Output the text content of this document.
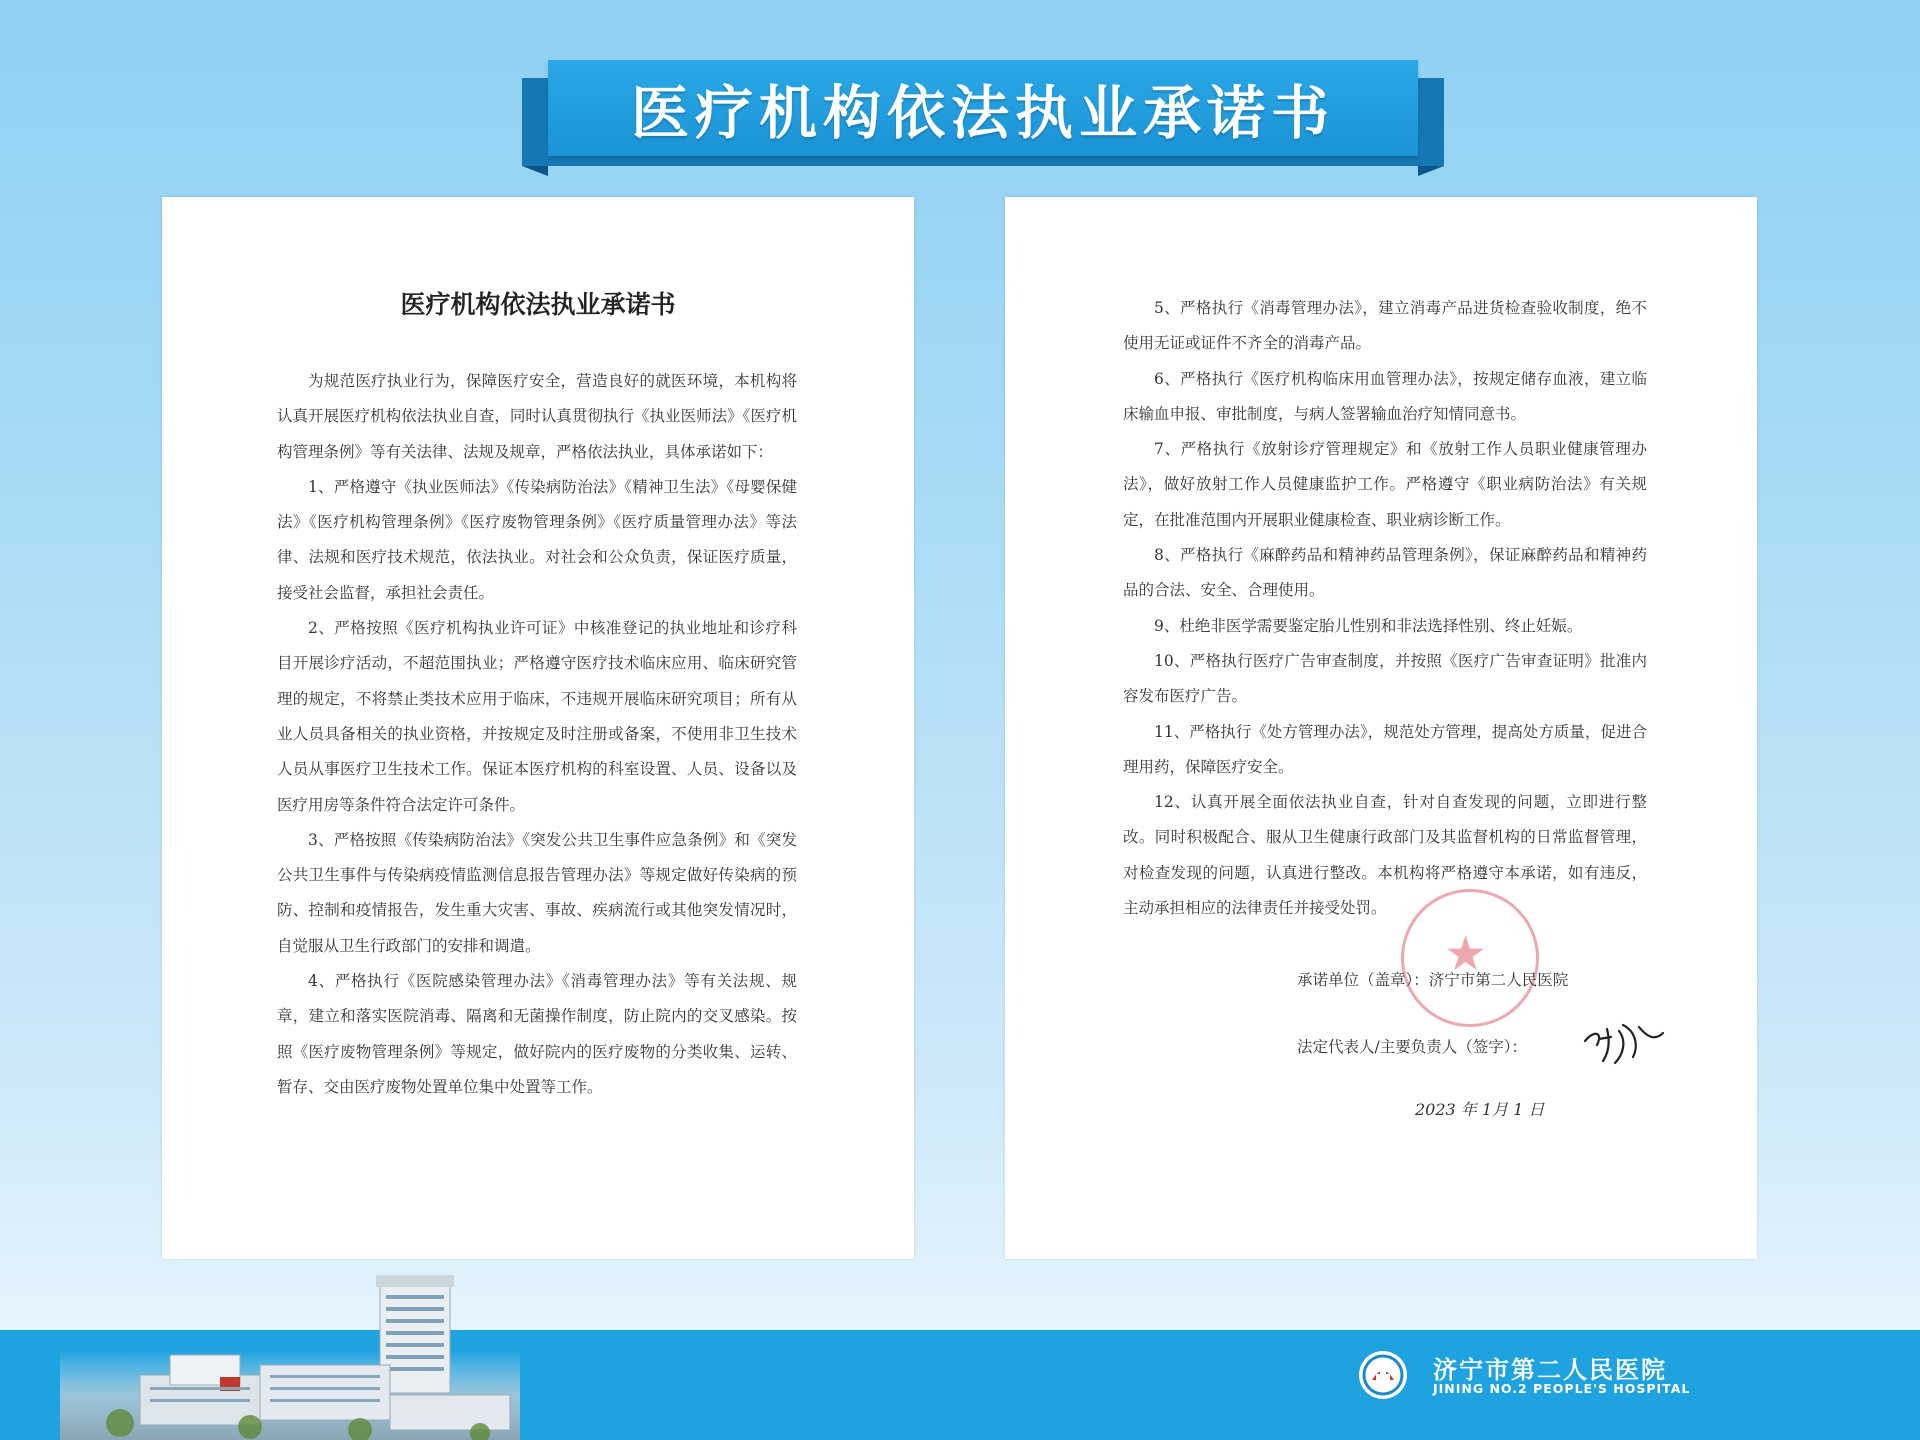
医疗机构依法执业承诺书
医疗机构依法执业承诺书

为规范医疗执业行为，保障医疗安全，营造良好的就医环境，本机构将认真开展医疗机构依法执业自查，同时认真贯彻执行《执业医师法》《医疗机构管理条例》等有关法律、法规及规章，严格依法执业，具体承诺如下：

1、严格遵守《执业医师法》《传染病防治法》《精神卫生法》《母婴保健法》《医疗机构管理条例》《医疗废物管理条例》《医疗质量管理办法》等法律、法规和医疗技术规范，依法执业。对社会和公众负责，保证医疗质量，接受社会监督，承担社会责任。

2、严格按照《医疗机构执业许可证》中核准登记的执业地址和诊疗科目开展诊疗活动，不超范围执业；严格遵守医疗技术临床应用、临床研究管理的规定，不将禁止类技术应用于临床，不违规开展临床研究项目；所有从业人员具备相关的执业资格，并按规定及时注册或备案，不使用非卫生技术人员从事医疗卫生技术工作。保证本医疗机构的科室设置、人员、设备以及医疗用房等条件符合法定许可条件。

3、严格按照《传染病防治法》《突发公共卫生事件应急条例》和《突发公共卫生事件与传染病疫情监测信息报告管理办法》等规定做好传染病的预防、控制和疫情报告，发生重大灾害、事故、疾病流行或其他突发情况时，自觉服从卫生行政部门的安排和调遣。

4、严格执行《医院感染管理办法》《消毒管理办法》等有关法规、规章，建立和落实医院消毒、隔离和无菌操作制度，防止院内的交叉感染。按照《医疗废物管理条例》等规定，做好院内的医疗废物的分类收集、运转、暂存、交由医疗废物处置单位集中处置等工作。

5、严格执行《消毒管理办法》，建立消毒产品进货检查验收制度，绝不使用无证或证件不齐全的消毒产品。

6、严格执行《医疗机构临床用血管理办法》，按规定储存血液，建立临床输血申报、审批制度，与病人签署输血治疗知情同意书。

7、严格执行《放射诊疗管理规定》和《放射工作人员职业健康管理办法》，做好放射工作人员健康监护工作。严格遵守《职业病防治法》有关规定，在批准范围内开展职业健康检查、职业病诊断工作。

8、严格执行《麻醉药品和精神药品管理条例》，保证麻醉药品和精神药品的合法、安全、合理使用。

9、杜绝非医学需要鉴定胎儿性别和非法选择性别、终止妊娠。

10、严格执行医疗广告审查制度，并按照《医疗广告审查证明》批准内容发布医疗广告。

11、严格执行《处方管理办法》，规范处方管理，提高处方质量，促进合理用药，保障医疗安全。

12、认真开展全面依法执业自查，针对自查发现的问题，立即进行整改。同时积极配合、服从卫生健康行政部门及其监督机构的日常监督管理，对检查发现的问题，认真进行整改。本机构将严格遵守本承诺，如有违反，主动承担相应的法律责任并接受处罚。

★
承诺单位（盖章）：济宁市第二人民医院
法定代表人/主要负责人（签字）：
2023 年 1月 1 日
济宁市第二人民医院
JINING NO.2 PEOPLE'S HOSPITAL
